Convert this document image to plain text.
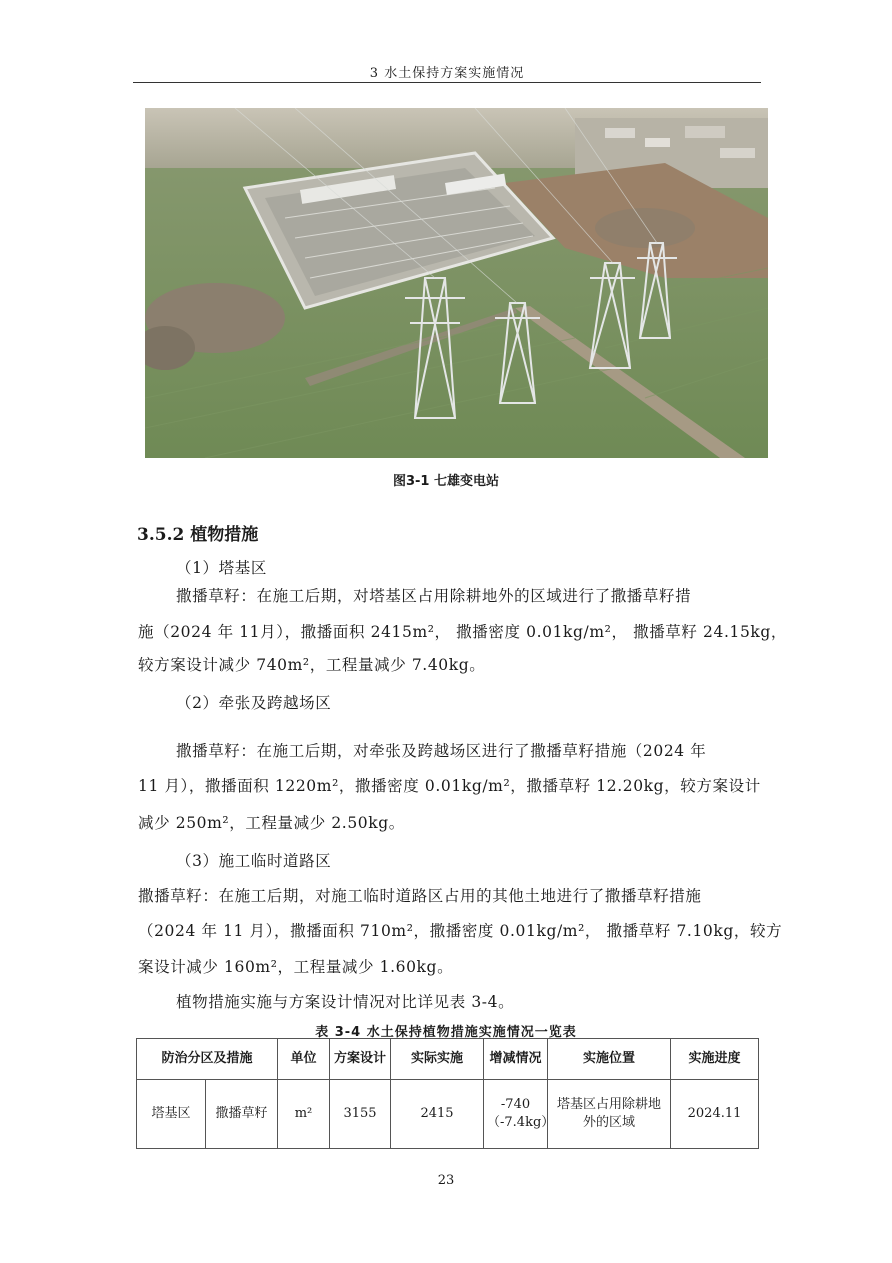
3 水土保持方案实施情况
图3-1 七雄变电站
3.5.2 植物措施
（1）塔基区
撒播草籽：在施工后期，对塔基区占用除耕地外的区域进行了撒播草籽措
施（2024 年 11月），撒播面积 2415m²， 撒播密度 0.01kg/m²， 撒播草籽 24.15kg，
较方案设计减少 740m²，工程量减少 7.40kg。
（2）牵张及跨越场区
撒播草籽：在施工后期，对牵张及跨越场区进行了撒播草籽措施（2024 年
11 月），撒播面积 1220m²，撒播密度 0.01kg/m²，撒播草籽 12.20kg，较方案设计
减少 250m²，工程量减少 2.50kg。
（3）施工临时道路区
撒播草籽：在施工后期，对施工临时道路区占用的其他土地进行了撒播草籽措施
（2024 年 11 月），撒播面积 710m²，撒播密度 0.01kg/m²， 撒播草籽 7.10kg，较方
案设计减少 160m²，工程量减少 1.60kg。
植物措施实施与方案设计情况对比详见表 3-4。
表 3-4 水土保持植物措施实施情况一览表
防治分区及措施		单位	方案设计	实际实施	增减情况	实施位置	实施进度
塔基区	撒播草籽	m²	3155	2415	-740（-7.4kg）	塔基区占用除耕地外的区域	2024.11
23
